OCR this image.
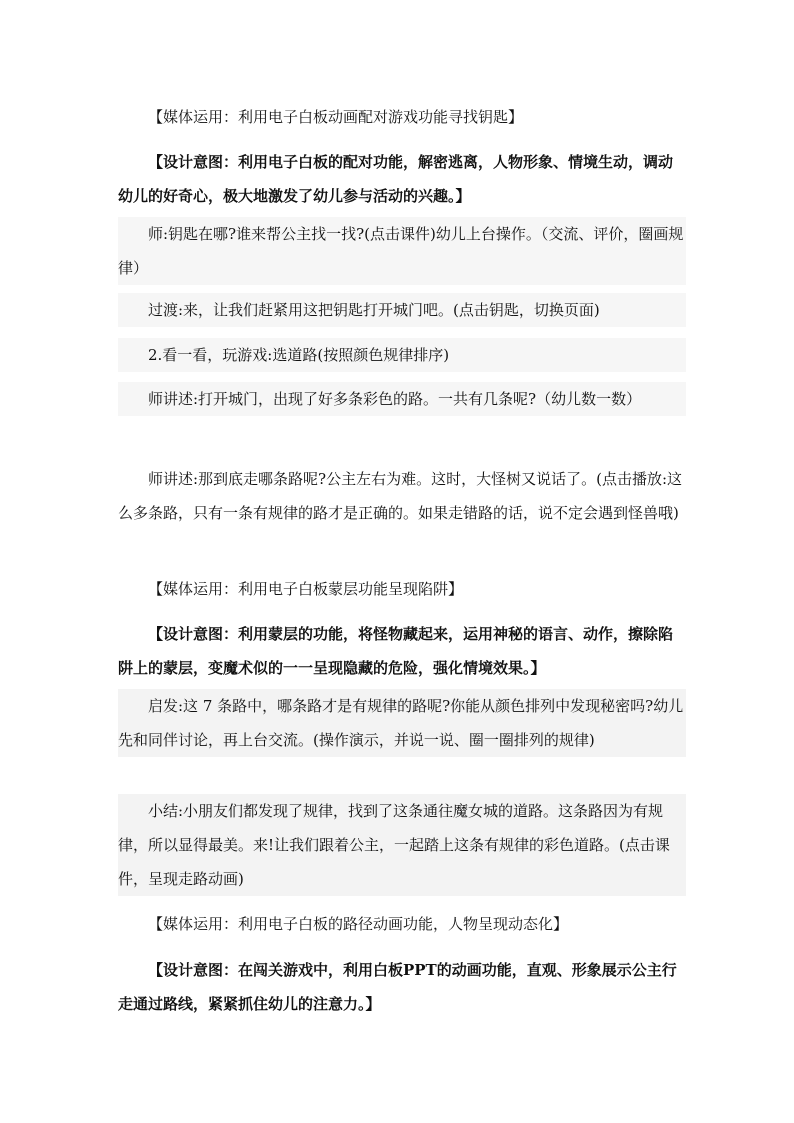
【媒体运用：利用电子白板动画配对游戏功能寻找钥匙】

【设计意图：利用电子白板的配对功能，解密逃离，人物形象、情境生动，调动幼儿的好奇心，极大地激发了幼儿参与活动的兴趣。】

师:钥匙在哪?谁来帮公主找一找?(点击课件)幼儿上台操作。（交流、评价，圈画规律）

过渡:来，让我们赶紧用这把钥匙打开城门吧。(点击钥匙，切换页面)

2.看一看，玩游戏:选道路(按照颜色规律排序)

师讲述:打开城门，出现了好多条彩色的路。一共有几条呢?（幼儿数一数）

师讲述:那到底走哪条路呢?公主左右为难。这时，大怪树又说话了。(点击播放:这么多条路，只有一条有规律的路才是正确的。如果走错路的话，说不定会遇到怪兽哦)

【媒体运用：利用电子白板蒙层功能呈现陷阱】

【设计意图：利用蒙层的功能，将怪物藏起来，运用神秘的语言、动作，擦除陷阱上的蒙层，变魔术似的一一呈现隐藏的危险，强化情境效果。】

启发:这 7 条路中，哪条路才是有规律的路呢?你能从颜色排列中发现秘密吗?幼儿先和同伴讨论，再上台交流。(操作演示，并说一说、圈一圈排列的规律)

小结:小朋友们都发现了规律，找到了这条通往魔女城的道路。这条路因为有规律，所以显得最美。来!让我们跟着公主，一起踏上这条有规律的彩色道路。(点击课件，呈现走路动画)

【媒体运用：利用电子白板的路径动画功能，人物呈现动态化】

【设计意图：在闯关游戏中，利用白板PPT的动画功能，直观、形象展示公主行走通过路线，紧紧抓住幼儿的注意力。】
